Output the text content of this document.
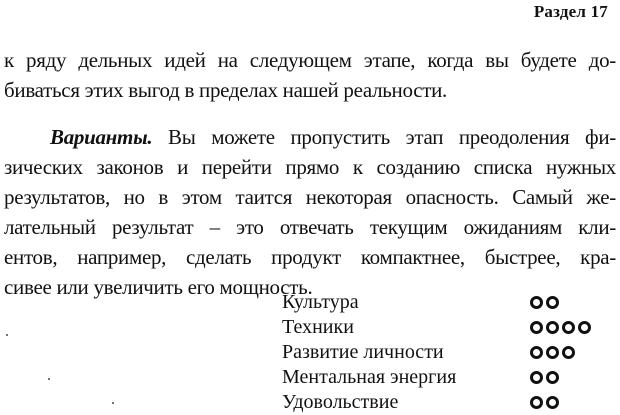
Раздел 17
к ряду дельных идей на следующем этапе, когда вы будете до-
биваться этих выгод в пределах нашей реальности.
Варианты. Вы можете пропустить этап преодоления фи-
зических законов и перейти прямо к созданию списка нужных
результатов, но в этом таится некоторая опасность. Самый же-
лательный результат – это отвечать текущим ожиданиям кли-
ентов, например, сделать продукт компактнее, быстрее, кра-
сивее или увеличить его мощность.
Культура
Техники
Развитие личности
Ментальная энергия
Удовольствие
